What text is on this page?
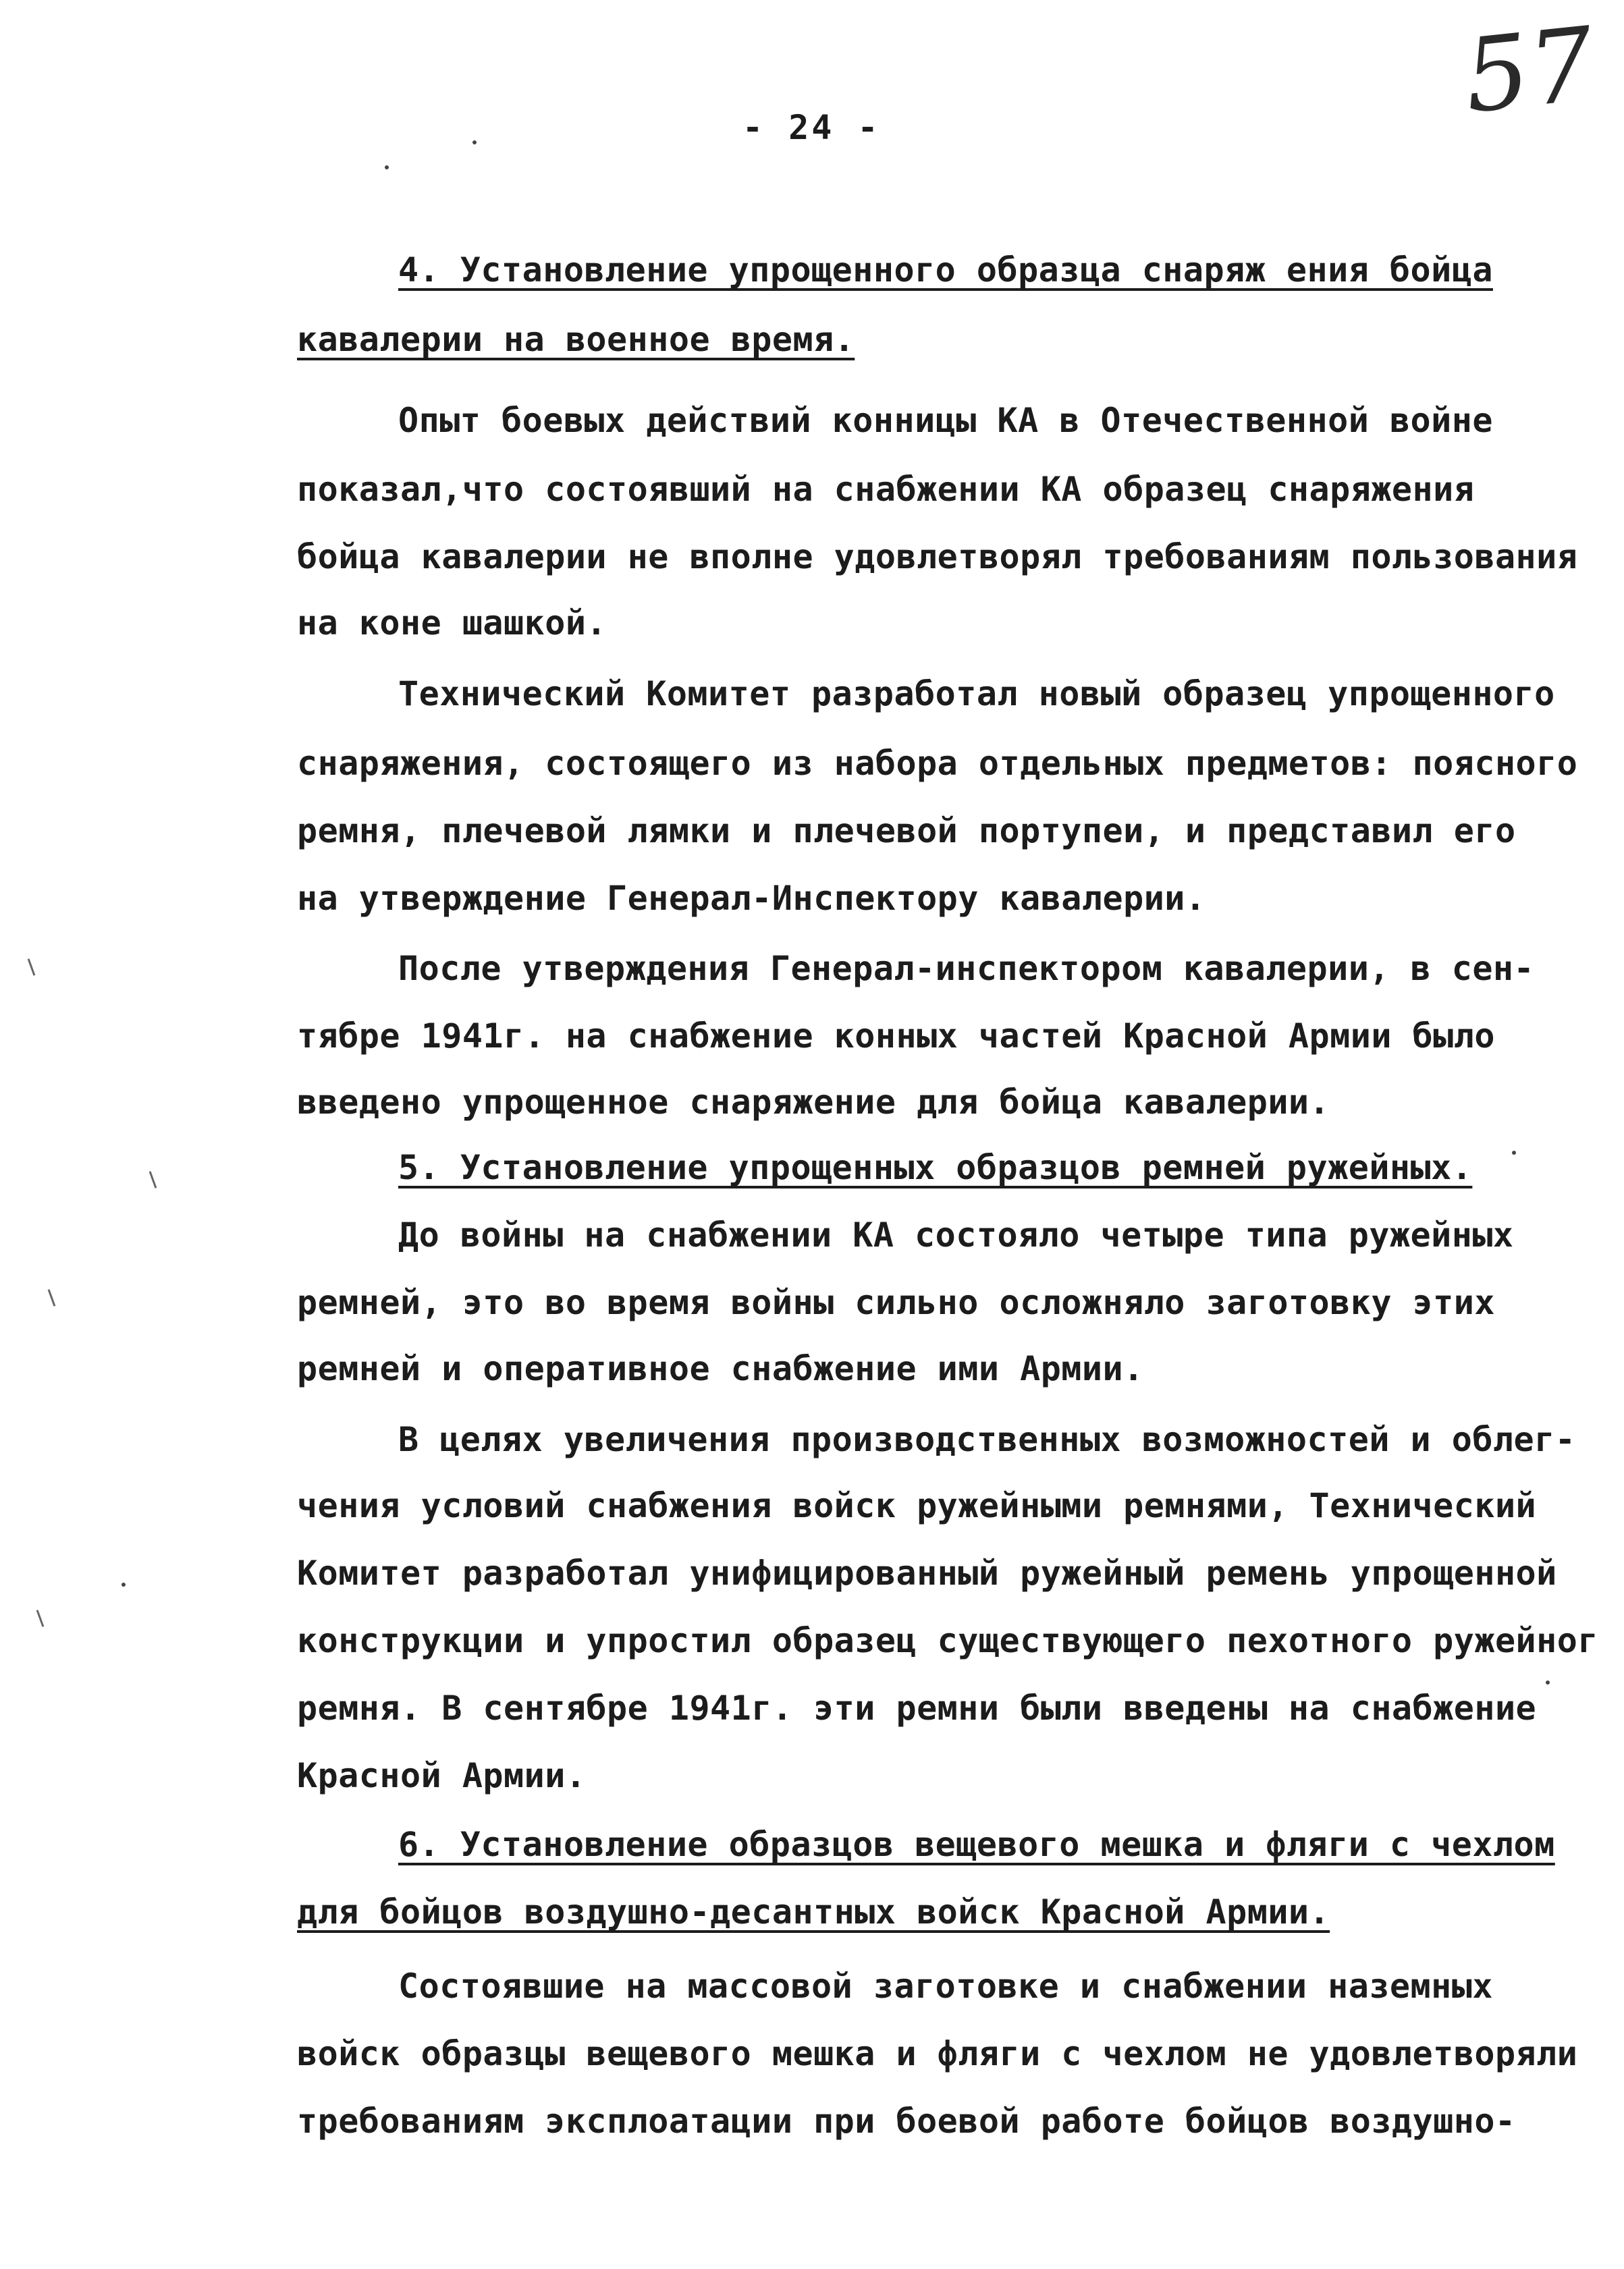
57
- 24 -
4. Установление упрощенного образца снаряж ения бойца
кавалерии на военное время.
Опыт боевых действий конницы КА в Отечественной войне
показал,что состоявший на снабжении КА образец снаряжения
бойца кавалерии не вполне удовлетворял требованиям пользования
на коне шашкой.
Технический Комитет разработал новый образец упрощенного
снаряжения, состоящего из набора отдельных предметов: поясного
ремня, плечевой лямки и плечевой портупеи, и представил его
на утверждение Генерал-Инспектору кавалерии.
После утверждения Генерал-инспектором кавалерии, в сен-
тябре 1941г. на снабжение конных частей Красной Армии было
введено упрощенное снаряжение для бойца кавалерии.
5. Установление упрощенных образцов ремней ружейных.
До войны на снабжении КА состояло четыре типа ружейных
ремней, это во время войны сильно осложняло заготовку этих
ремней и оперативное снабжение ими Армии.
В целях увеличения производственных возможностей и облег-
чения условий снабжения войск ружейными ремнями, Технический
Комитет разработал унифицированный ружейный ремень упрощенной
конструкции и упростил образец существующего пехотного ружейног
ремня. В сентябре 1941г. эти ремни были введены на снабжение
Красной Армии.
6. Установление образцов вещевого мешка и фляги с чехлом
для бойцов воздушно-десантных войск Красной Армии.
Состоявшие на массовой заготовке и снабжении наземных
войск образцы вещевого мешка и фляги с чехлом не удовлетворяли
требованиям эксплоатации при боевой работе бойцов воздушно-
